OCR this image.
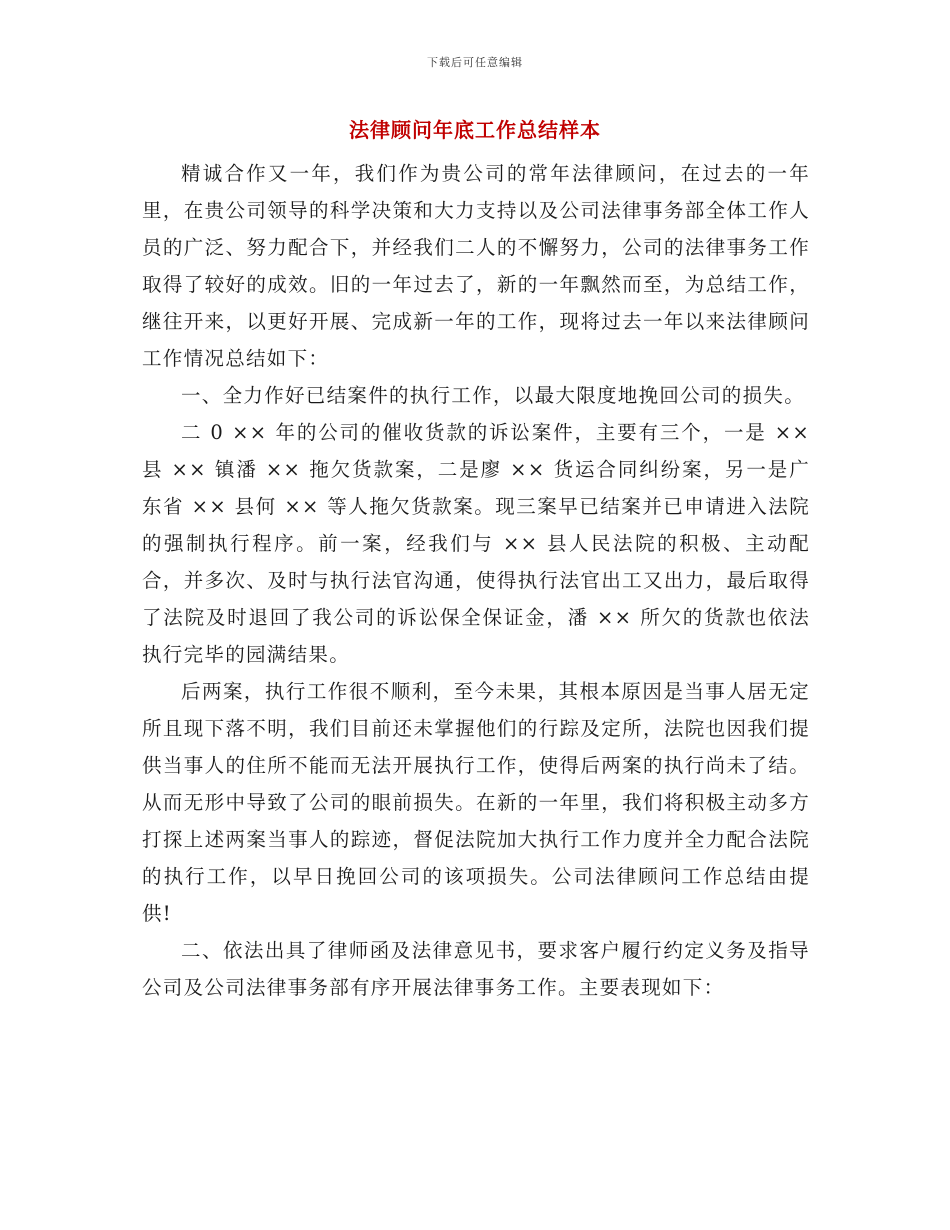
下载后可任意编辑
法律顾问年底工作总结样本

精诚合作又一年，我们作为贵公司的常年法律顾问，在过去的一年里，在贵公司领导的科学决策和大力支持以及公司法律事务部全体工作人员的广泛、努力配合下，并经我们二人的不懈努力，公司的法律事务工作取得了较好的成效。旧的一年过去了，新的一年飘然而至，为总结工作，继往开来，以更好开展、完成新一年的工作，现将过去一年以来法律顾问工作情况总结如下：

一、全力作好已结案件的执行工作，以最大限度地挽回公司的损失。

二 0 ×× 年的公司的催收货款的诉讼案件，主要有三个，一是 ×× 县 ×× 镇潘 ×× 拖欠货款案，二是廖 ×× 货运合同纠纷案，另一是广东省 ×× 县何 ×× 等人拖欠货款案。现三案早已结案并已申请进入法院的强制执行程序。前一案，经我们与 ×× 县人民法院的积极、主动配合，并多次、及时与执行法官沟通，使得执行法官出工又出力，最后取得了法院及时退回了我公司的诉讼保全保证金，潘 ×× 所欠的货款也依法执行完毕的园满结果。

后两案，执行工作很不顺利，至今未果，其根本原因是当事人居无定所且现下落不明，我们目前还未掌握他们的行踪及定所，法院也因我们提供当事人的住所不能而无法开展执行工作，使得后两案的执行尚未了结。从而无形中导致了公司的眼前损失。在新的一年里，我们将积极主动多方打探上述两案当事人的踪迹，督促法院加大执行工作力度并全力配合法院的执行工作，以早日挽回公司的该项损失。公司法律顾问工作总结由提供!

二、依法出具了律师函及法律意见书，要求客户履行约定义务及指导公司及公司法律事务部有序开展法律事务工作。主要表现如下：
